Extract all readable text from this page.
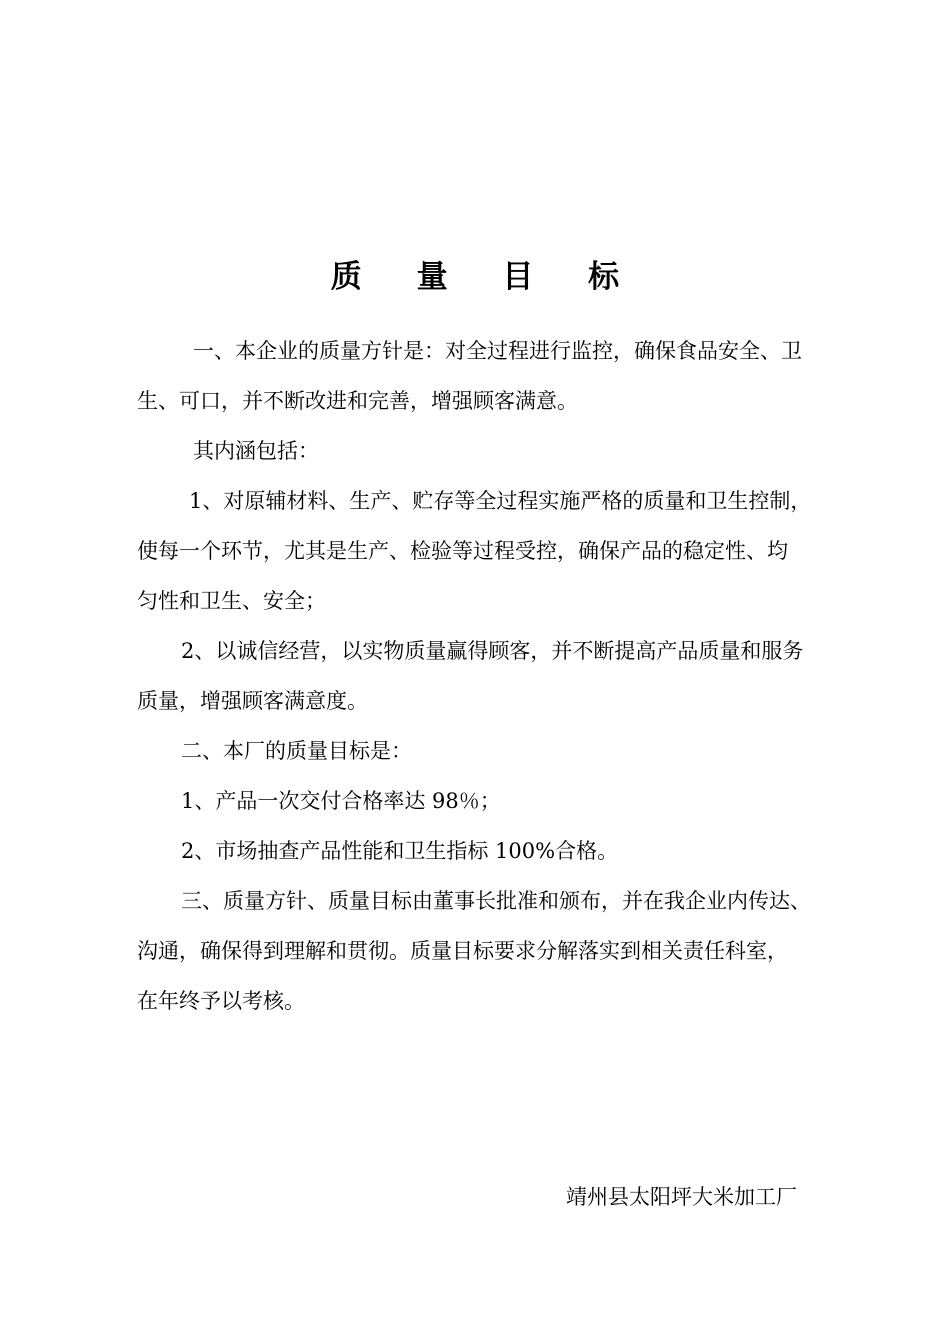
质 量 目 标

一、本企业的质量方针是：对全过程进行监控，确保食品安全、卫

生、可口，并不断改进和完善，增强顾客满意。

其内涵包括：

1、对原辅材料、生产、贮存等全过程实施严格的质量和卫生控制，

使每一个环节，尤其是生产、检验等过程受控，确保产品的稳定性、均

匀性和卫生、安全；

2、以诚信经营，以实物质量赢得顾客，并不断提高产品质量和服务

质量，增强顾客满意度。

二、本厂的质量目标是：

1、产品一次交付合格率达 98％；

2、市场抽查产品性能和卫生指标 100%合格。

三、质量方针、质量目标由董事长批准和颁布，并在我企业内传达、

沟通，确保得到理解和贯彻。质量目标要求分解落实到相关责任科室，

在年终予以考核。

靖州县太阳坪大米加工厂
